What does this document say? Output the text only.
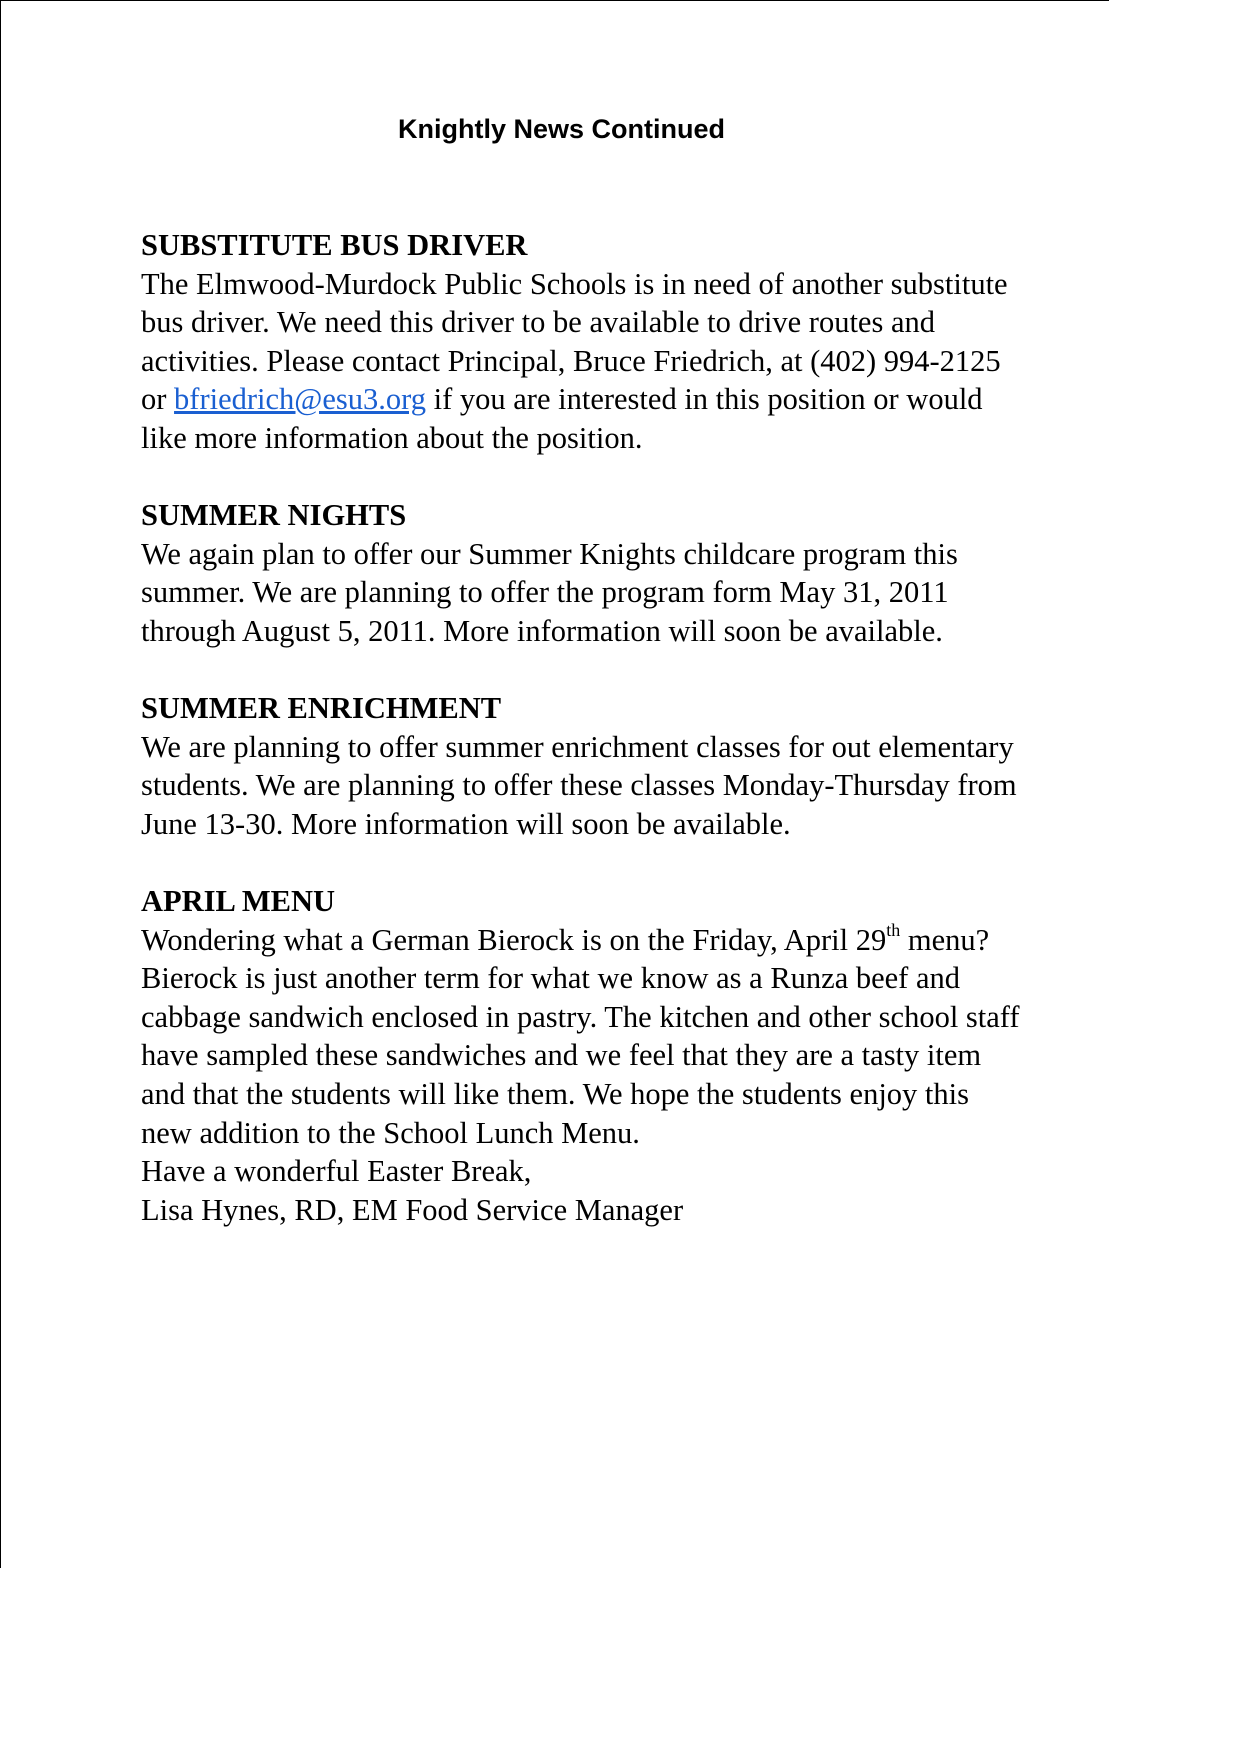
Knightly News Continued

SUBSTITUTE BUS DRIVER

The Elmwood-Murdock Public Schools is in need of another substitute bus driver. We need this driver to be available to drive routes and activities. Please contact Principal, Bruce Friedrich, at (402) 994-2125 or bfriedrich@esu3.org if you are interested in this position or would like more information about the position.

SUMMER NIGHTS

We again plan to offer our Summer Knights childcare program this summer. We are planning to offer the program form May 31, 2011 through August 5, 2011. More information will soon be available.

SUMMER ENRICHMENT

We are planning to offer summer enrichment classes for out elementary students. We are planning to offer these classes Monday-Thursday from June 13-30. More information will soon be available.

APRIL MENU

Wondering what a German Bierock is on the Friday, April 29th menu? Bierock is just another term for what we know as a Runza beef and cabbage sandwich enclosed in pastry. The kitchen and other school staff have sampled these sandwiches and we feel that they are a tasty item and that the students will like them. We hope the students enjoy this new addition to the School Lunch Menu.

Have a wonderful Easter Break,

Lisa Hynes, RD, EM Food Service Manager
